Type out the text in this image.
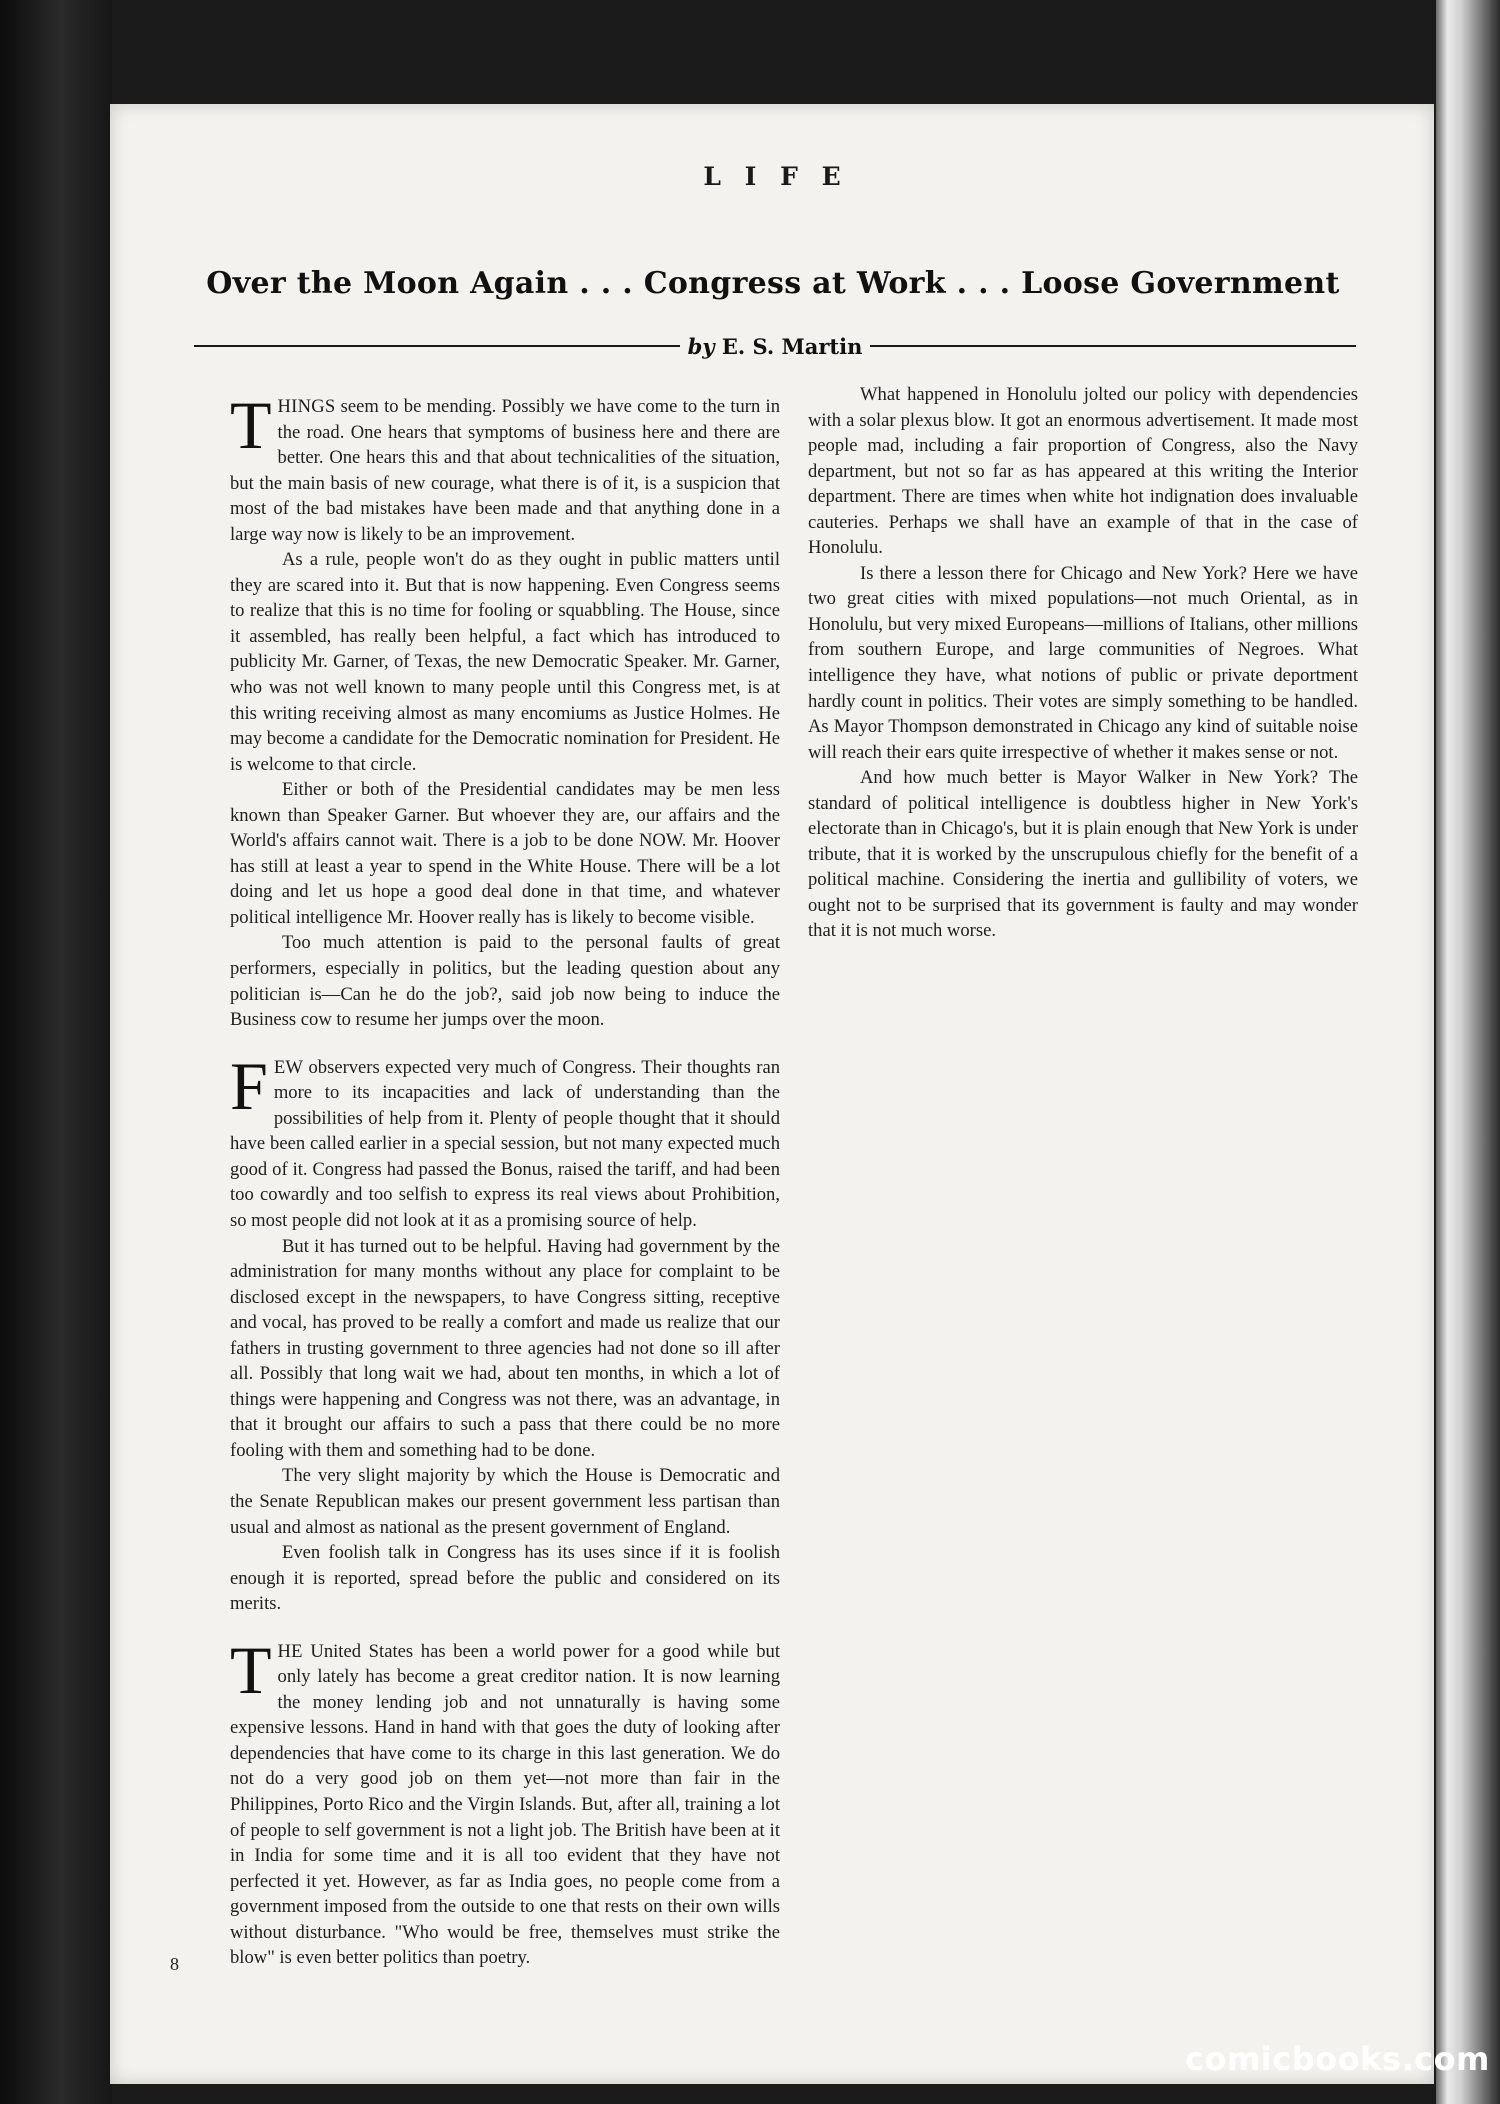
LIFE
Over the Moon Again . . . Congress at Work . . . Loose Government
by E. S. Martin

THINGS seem to be mending. Possibly we have come to the turn in the road. One hears that symptoms of business here and there are better. One hears this and that about technicalities of the situation, but the main basis of new courage, what there is of it, is a suspicion that most of the bad mistakes have been made and that anything done in a large way now is likely to be an improvement.

As a rule, people won't do as they ought in public matters until they are scared into it. But that is now happening. Even Congress seems to realize that this is no time for fooling or squabbling. The House, since it assembled, has really been helpful, a fact which has introduced to publicity Mr. Garner, of Texas, the new Democratic Speaker. Mr. Garner, who was not well known to many people until this Congress met, is at this writing receiving almost as many encomiums as Justice Holmes. He may become a candidate for the Democratic nomination for President. He is welcome to that circle.

Either or both of the Presidential candidates may be men less known than Speaker Garner. But whoever they are, our affairs and the World's affairs cannot wait. There is a job to be done NOW. Mr. Hoover has still at least a year to spend in the White House. There will be a lot doing and let us hope a good deal done in that time, and whatever political intelligence Mr. Hoover really has is likely to become visible.

Too much attention is paid to the personal faults of great performers, especially in politics, but the leading question about any politician is—Can he do the job?, said job now being to induce the Business cow to resume her jumps over the moon.

FEW observers expected very much of Congress. Their thoughts ran more to its incapacities and lack of understanding than the possibilities of help from it. Plenty of people thought that it should have been called earlier in a special session, but not many expected much good of it. Congress had passed the Bonus, raised the tariff, and had been too cowardly and too selfish to express its real views about Prohibition, so most people did not look at it as a promising source of help.

But it has turned out to be helpful. Having had government by the administration for many months without any place for complaint to be disclosed except in the newspapers, to have Congress sitting, receptive and vocal, has proved to be really a comfort and made us realize that our fathers in trusting government to three agencies had not done so ill after all. Possibly that long wait we had, about ten months, in which a lot of things were happening and Congress was not there, was an advantage, in that it brought our affairs to such a pass that there could be no more fooling with them and something had to be done.

The very slight majority by which the House is Democratic and the Senate Republican makes our present government less partisan than usual and almost as national as the present government of England.

Even foolish talk in Congress has its uses since if it is foolish enough it is reported, spread before the public and considered on its merits.

THE United States has been a world power for a good while but only lately has become a great creditor nation. It is now learning the money lending job and not unnaturally is having some expensive lessons. Hand in hand with that goes the duty of looking after dependencies that have come to its charge in this last generation. We do not do a very good job on them yet—not more than fair in the Philippines, Porto Rico and the Virgin Islands. But, after all, training a lot of people to self government is not a light job. The British have been at it in India for some time and it is all too evident that they have not perfected it yet. However, as far as India goes, no people come from a government imposed from the outside to one that rests on their own wills without disturbance. "Who would be free, themselves must strike the blow" is even better politics than poetry.

What happened in Honolulu jolted our policy with dependencies with a solar plexus blow. It got an enormous advertisement. It made most people mad, including a fair proportion of Congress, also the Navy department, but not so far as has appeared at this writing the Interior department. There are times when white hot indignation does invaluable cauteries. Perhaps we shall have an example of that in the case of Honolulu.

Is there a lesson there for Chicago and New York? Here we have two great cities with mixed populations—not much Oriental, as in Honolulu, but very mixed Europeans—millions of Italians, other millions from southern Europe, and large communities of Negroes. What intelligence they have, what notions of public or private deportment hardly count in politics. Their votes are simply something to be handled. As Mayor Thompson demonstrated in Chicago any kind of suitable noise will reach their ears quite irrespective of whether it makes sense or not.

And how much better is Mayor Walker in New York? The standard of political intelligence is doubtless higher in New York's electorate than in Chicago's, but it is plain enough that New York is under tribute, that it is worked by the unscrupulous chiefly for the benefit of a political machine. Considering the inertia and gullibility of voters, we ought not to be surprised that its government is faulty and may wonder that it is not much worse.

8
comicbooks.com
